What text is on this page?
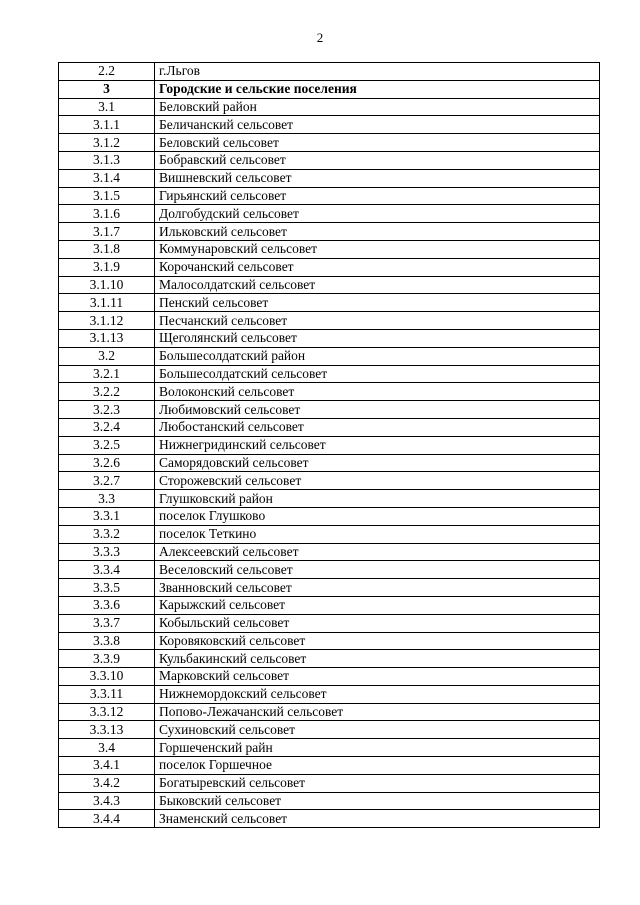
2
2.2	г.Льгов
3	Городские и сельские поселения
3.1	Беловский район
3.1.1	Беличанский сельсовет
3.1.2	Беловский сельсовет
3.1.3	Бобравский сельсовет
3.1.4	Вишневский сельсовет
3.1.5	Гирьянский сельсовет
3.1.6	Долгобудский сельсовет
3.1.7	Ильковский сельсовет
3.1.8	Коммунаровский сельсовет
3.1.9	Корочанский сельсовет
3.1.10	Малосолдатский сельсовет
3.1.11	Пенский сельсовет
3.1.12	Песчанский сельсовет
3.1.13	Щеголянский сельсовет
3.2	Большесолдатский район
3.2.1	Большесолдатский сельсовет
3.2.2	Волоконский сельсовет
3.2.3	Любимовский сельсовет
3.2.4	Любостанский сельсовет
3.2.5	Нижнегридинский сельсовет
3.2.6	Саморядовский сельсовет
3.2.7	Сторожевский сельсовет
3.3	Глушковский район
3.3.1	поселок Глушково
3.3.2	поселок Теткино
3.3.3	Алексеевский сельсовет
3.3.4	Веселовский сельсовет
3.3.5	Званновский сельсовет
3.3.6	Карыжский сельсовет
3.3.7	Кобыльский сельсовет
3.3.8	Коровяковский сельсовет
3.3.9	Кульбакинский сельсовет
3.3.10	Марковский сельсовет
3.3.11	Нижнемордокский сельсовет
3.3.12	Попово-Лежачанский сельсовет
3.3.13	Сухиновский сельсовет
3.4	Горшеченский райн
3.4.1	поселок Горшечное
3.4.2	Богатыревский сельсовет
3.4.3	Быковский сельсовет
3.4.4	Знаменский сельсовет
